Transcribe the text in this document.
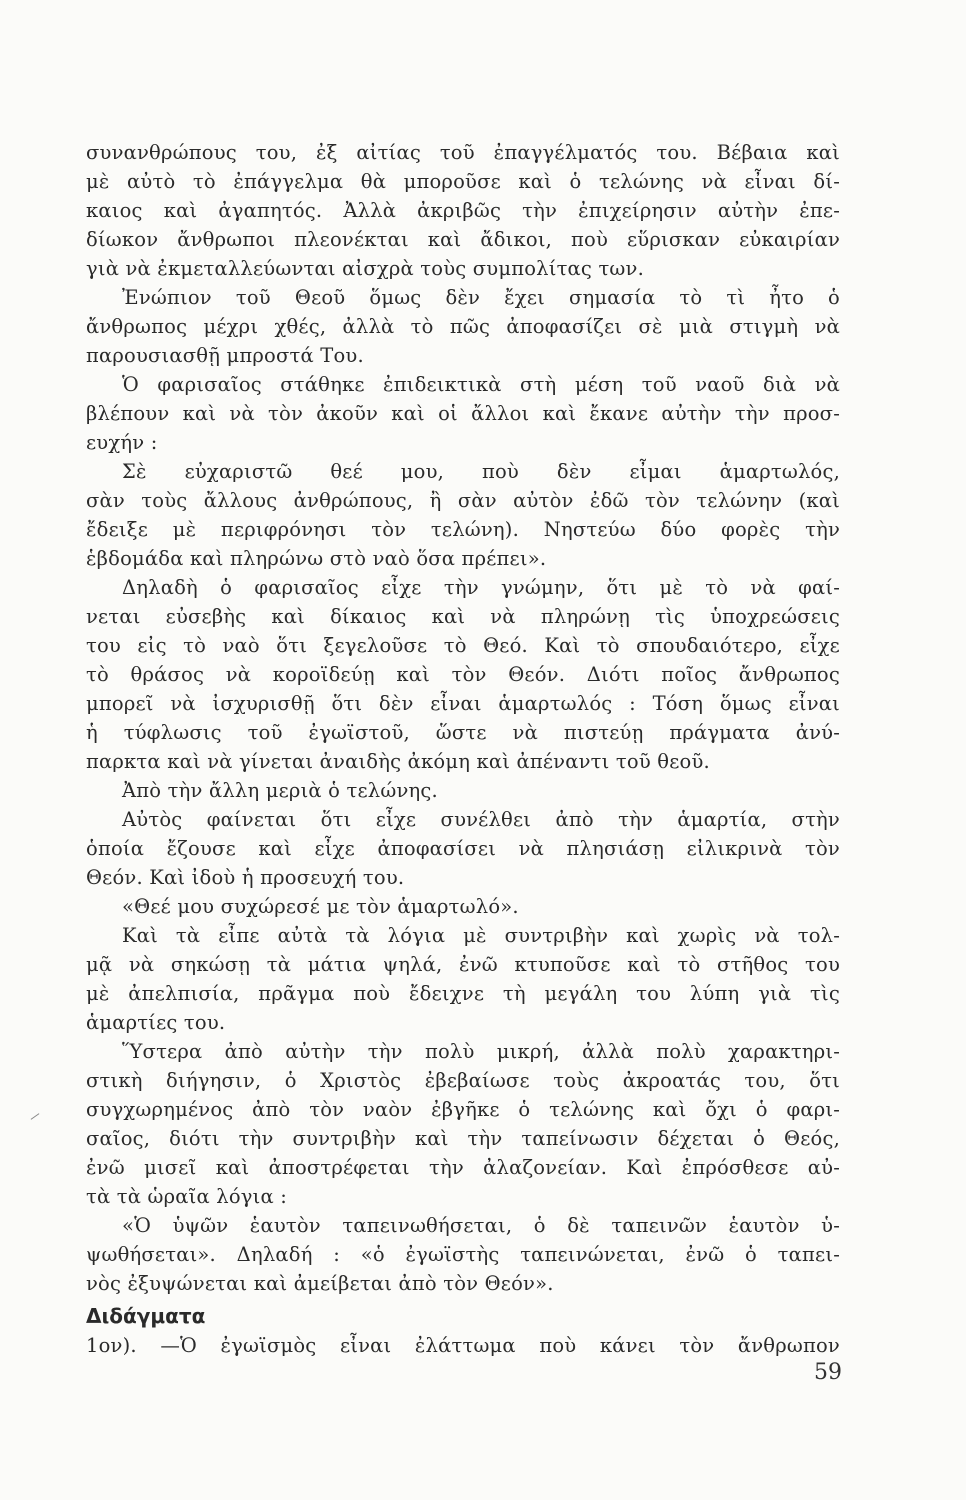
συνανθρώπους του, ἐξ αἰτίας τοῦ ἐπαγγέλματός του. Βέβαια καὶ
μὲ αὐτὸ τὸ ἐπάγγελμα θὰ μποροῦσε καὶ ὁ τελώνης νὰ εἶναι δί-
καιος καὶ ἀγαπητός. Ἀλλὰ ἀκριβῶς τὴν ἐπιχείρησιν αὐτὴν ἐπε-
δίωκον ἄνθρωποι πλεονέκται καὶ ἄδικοι, ποὺ εὕρισκαν εὐκαιρίαν
γιὰ νὰ ἐκμεταλλεύωνται αἰσχρὰ τοὺς συμπολίτας των.
Ἐνώπιον τοῦ Θεοῦ ὅμως δὲν ἔχει σημασία τὸ τὶ ἦτο ὁ
ἄνθρωπος μέχρι χθές, ἀλλὰ τὸ πῶς ἀποφασίζει σὲ μιὰ στιγμὴ νὰ
παρουσιασθῇ μπροστά Του.
Ὁ φαρισαῖος στάθηκε ἐπιδεικτικὰ στὴ μέση τοῦ ναοῦ διὰ νὰ
βλέπουν καὶ νὰ τὸν ἀκοῦν καὶ οἱ ἄλλοι καὶ ἔκανε αὐτὴν τὴν προσ-
ευχήν :
Σὲ εὐχαριστῶ θεέ μου, ποὺ δὲν εἶμαι ἁμαρτωλός,
σὰν τοὺς ἄλλους ἀνθρώπους, ἢ σὰν αὐτὸν ἐδῶ τὸν τελώνην (καὶ
ἔδειξε μὲ περιφρόνησι τὸν τελώνη). Νηστεύω δύο φορὲς τὴν
ἑβδομάδα καὶ πληρώνω στὸ ναὸ ὅσα πρέπει».
Δηλαδὴ ὁ φαρισαῖος εἶχε τὴν γνώμην, ὅτι μὲ τὸ νὰ φαί-
νεται εὐσεβὴς καὶ δίκαιος καὶ νὰ πληρώνῃ τὶς ὑποχρεώσεις
του εἰς τὸ ναὸ ὅτι ξεγελοῦσε τὸ Θεό. Καὶ τὸ σπουδαιότερο, εἶχε
τὸ θράσος νὰ κοροϊδεύῃ καὶ τὸν Θεόν. Διότι ποῖος ἄνθρωπος
μπορεῖ νὰ ἰσχυρισθῇ ὅτι δὲν εἶναι ἁμαρτωλός : Τόση ὅμως εἶναι
ἡ τύφλωσις τοῦ ἐγωϊστοῦ, ὥστε νὰ πιστεύῃ πράγματα ἀνύ-
παρκτα καὶ νὰ γίνεται ἀναιδὴς ἀκόμη καὶ ἀπέναντι τοῦ θεοῦ.
Ἀπὸ τὴν ἄλλη μεριὰ ὁ τελώνης.
Αὐτὸς φαίνεται ὅτι εἶχε συνέλθει ἀπὸ τὴν ἁμαρτία, στὴν
ὁποία ἔζουσε καὶ εἶχε ἀποφασίσει νὰ πλησιάσῃ εἰλικρινὰ τὸν
Θεόν. Καὶ ἰδοὺ ἡ προσευχή του.
«Θεέ μου συχώρεσέ με τὸν ἁμαρτωλό».
Καὶ τὰ εἶπε αὐτὰ τὰ λόγια μὲ συντριβὴν καὶ χωρὶς νὰ τολ-
μᾷ νὰ σηκώσῃ τὰ μάτια ψηλά, ἐνῶ κτυποῦσε καὶ τὸ στῆθος του
μὲ ἀπελπισία, πρᾶγμα ποὺ ἔδειχνε τὴ μεγάλη του λύπη γιὰ τὶς
ἁμαρτίες του.
Ὕστερα ἀπὸ αὐτὴν τὴν πολὺ μικρή, ἀλλὰ πολὺ χαρακτηρι-
στικὴ διήγησιν, ὁ Χριστὸς ἐβεβαίωσε τοὺς ἀκροατάς του, ὅτι
συγχωρημένος ἀπὸ τὸν ναὸν ἐβγῆκε ὁ τελώνης καὶ ὄχι ὁ φαρι-
σαῖος, διότι τὴν συντριβὴν καὶ τὴν ταπείνωσιν δέχεται ὁ Θεός,
ἐνῶ μισεῖ καὶ ἀποστρέφεται τὴν ἀλαζονείαν. Καὶ ἐπρόσθεσε αὐ-
τὰ τὰ ὡραῖα λόγια :
«Ὁ ὑψῶν ἑαυτὸν ταπεινωθήσεται, ὁ δὲ ταπεινῶν ἑαυτὸν ὑ-
ψωθήσεται». Δηλαδή : «ὁ ἐγωϊστὴς ταπεινώνεται, ἐνῶ ὁ ταπει-
νὸς ἐξυψώνεται καὶ ἀμείβεται ἀπὸ τὸν Θεόν».
Διδάγματα
1ον). —Ὁ ἐγωϊσμὸς εἶναι ἐλάττωμα ποὺ κάνει τὸν ἄνθρωπον
59
